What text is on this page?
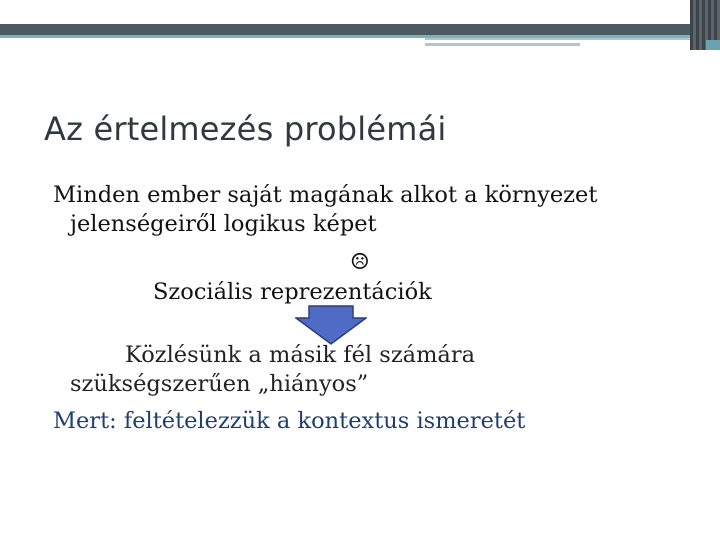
Az értelmezés problémái

Minden ember saját magának alkot a környezet

jelenségeiről logikus képet

☹

Szociális reprezentációk

Közlésünk a másik fél számára

szükségszerűen „hiányos”

Mert: feltételezzük a kontextus ismeretét
